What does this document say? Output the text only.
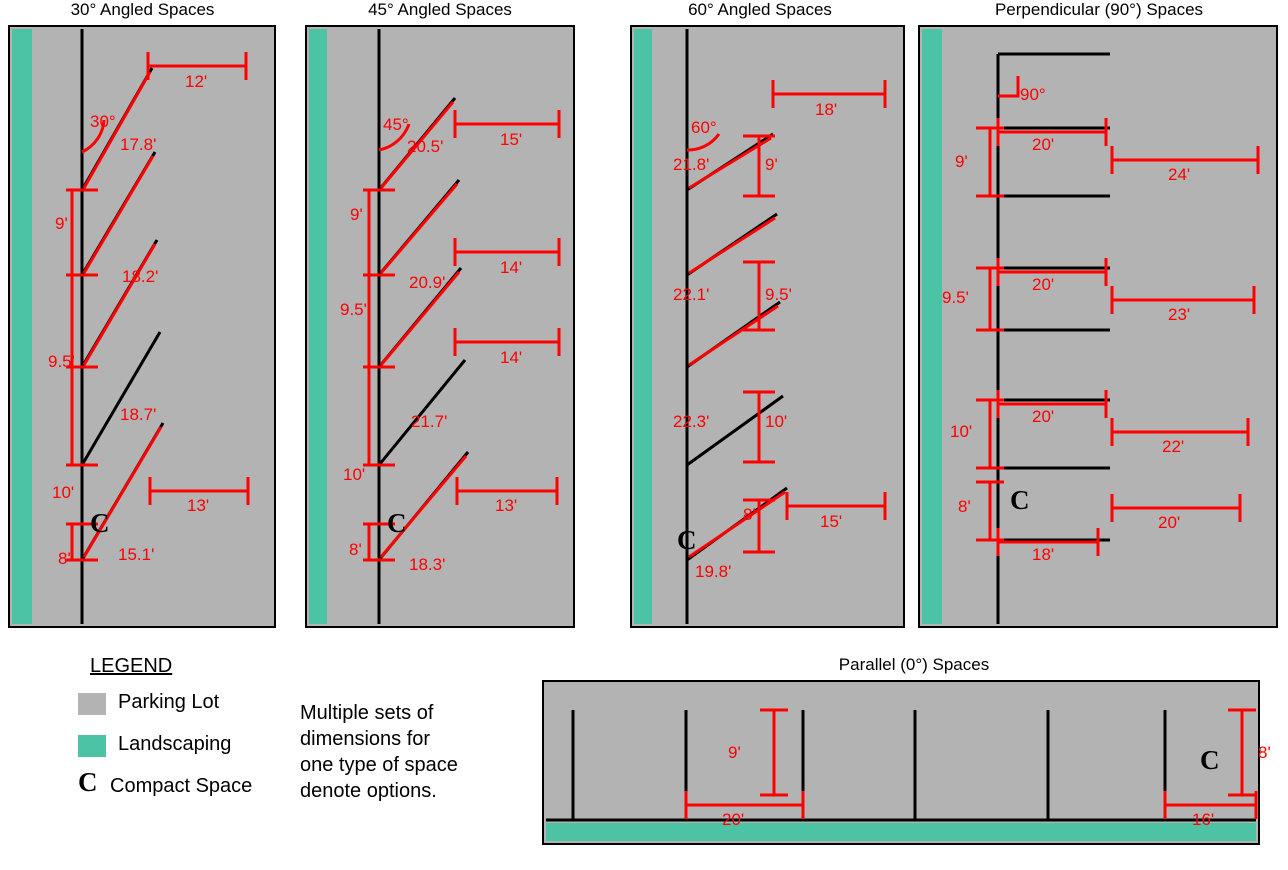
30° Angled Spaces
30°
17.8'
18.2'
18.7'
15.1'
9'
9.5'
10'
8'
12'
13'
C
45° Angled Spaces
45°
20.5'
20.9'
21.7'
18.3'
9'
9.5'
10'
8'
15'
14'
14'
13'
C
60° Angled Spaces
60°
21.8'
22.1'
22.3'
19.8'
9'
9.5'
10'
8'
18'
15'
C
Perpendicular (90°) Spaces
90°
20'
20'
20'
18'
9'
9.5'
10'
8'
24'
23'
22'
20'
C
LEGEND
Parking Lot
Landscaping
C Compact Space
Multiple sets of
dimensions for
one type of space
denote options.
Parallel (0°) Spaces
9'
20'
8'
16'
C
